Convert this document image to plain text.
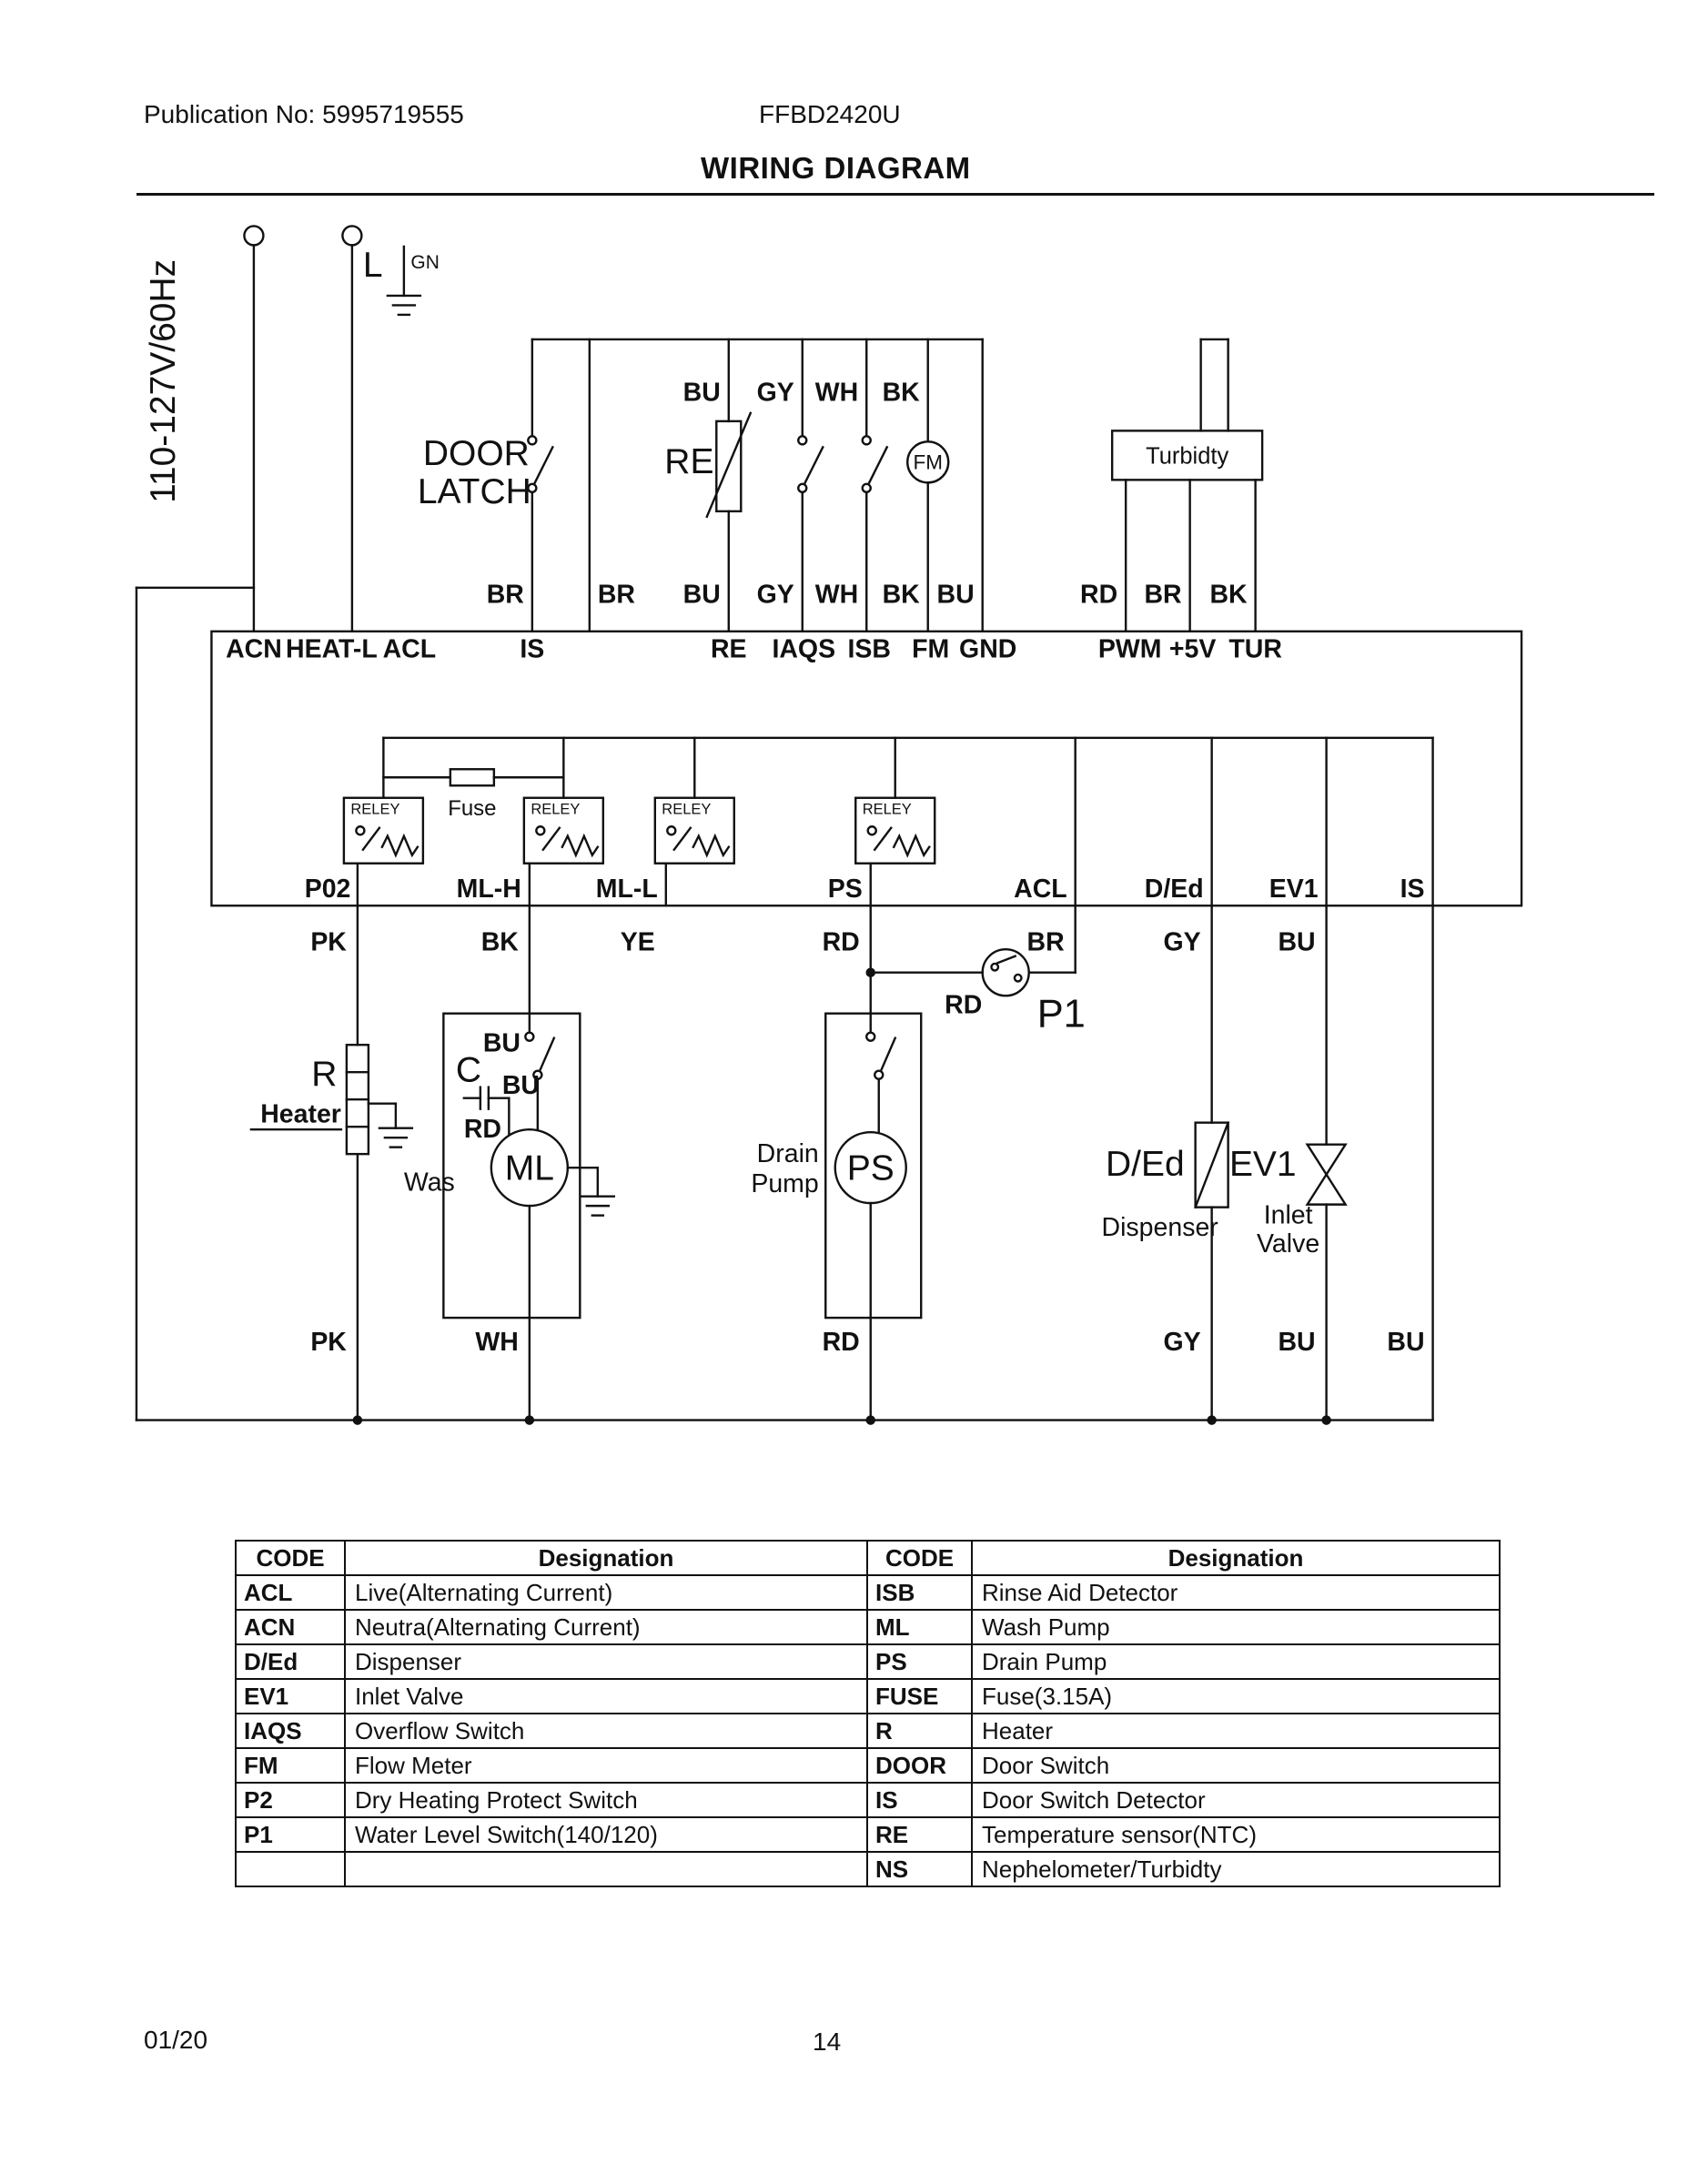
Publication No: 5995719555	FFBD2420U
WIRING DIAGRAM
110-127V/60Hz	L GN
DOOR
LATCH
RE	FM
BU GY WH BK
Turbidty
BR	BR	BU GY WH BK BU	RD BR BK
ACN HEAT-L ACL	IS	RE IAQS ISB FM GND	PWM +5V TUR
Fuse
RELEY	RELEY	RELEY	RELEY
P02	ML-H	ML-L	PS	ACL	D/Ed	EV1	IS
PK	BK	YE	RD	BR	GY	BU
R
Heater
Was
C
BU
BU
RD
ML	Drain
Pump PS
P1
RD
D/Ed
Dispenser
EV1
Inlet
Valve
PK	WH	RD	GY	BU	BU
CODE	Designation	CODE	Designation
ACL	Live(Alternating Current)	ISB	Rinse Aid Detector
ACN	Neutra(Alternating Current)	ML	Wash Pump
D/Ed	Dispenser	PS	Drain Pump
EV1	Inlet Valve	FUSE	Fuse(3.15A)
IAQS	Overflow Switch	R	Heater
FM	Flow Meter	DOOR	Door Switch
P2	Dry Heating Protect Switch	IS	Door Switch Detector
P1	Water Level Switch(140/120)	RE	Temperature sensor(NTC)
		NS	Nephelometer/Turbidty
01/20	14
